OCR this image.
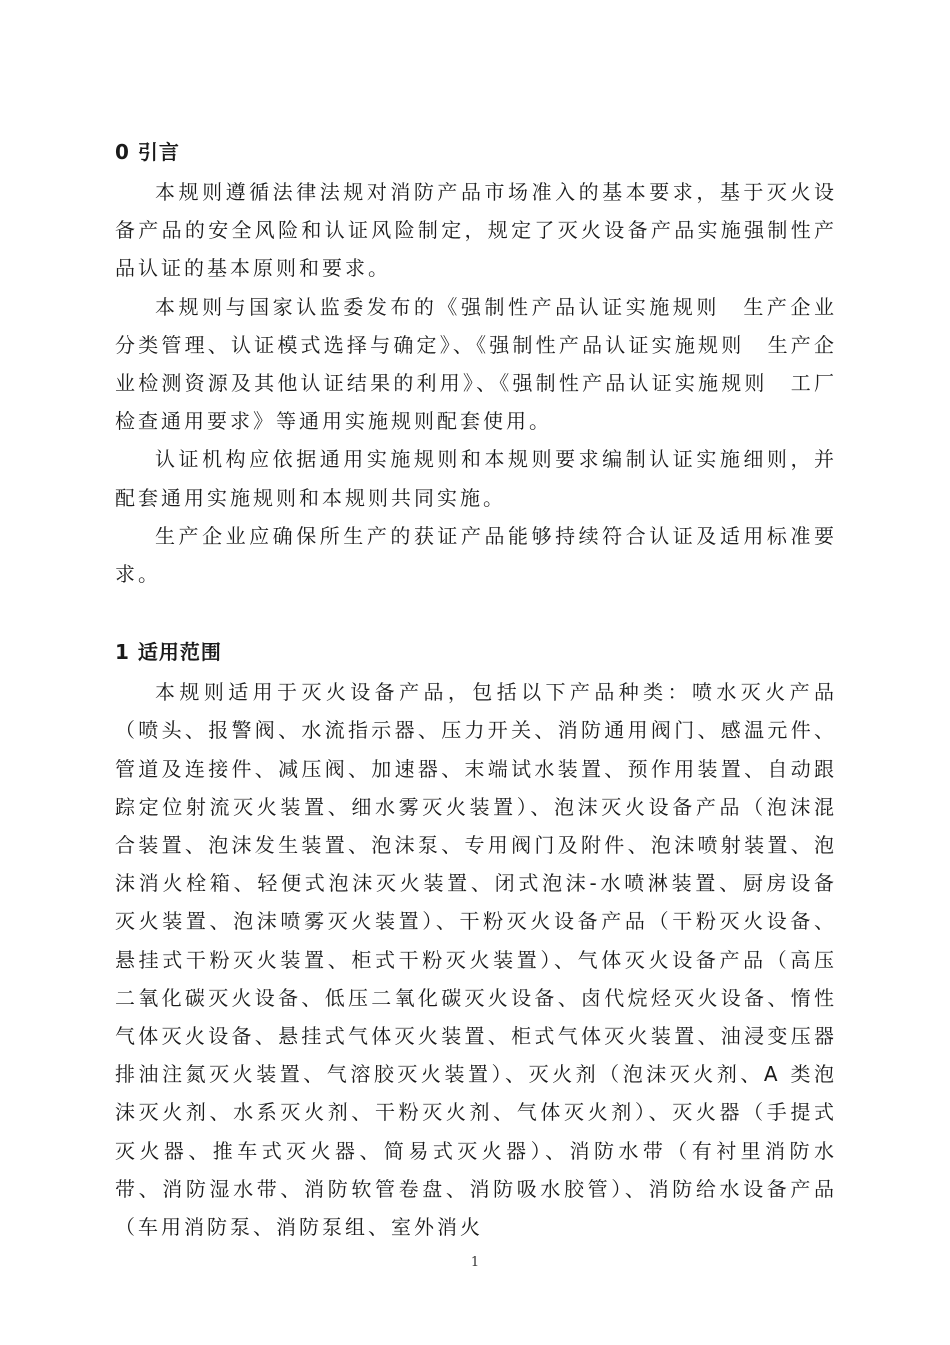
0 引言

本规则遵循法律法规对消防产品市场准入的基本要求，基于灭火设备产品的安全风险和认证风险制定，规定了灭火设备产品实施强制性产品认证的基本原则和要求。

本规则与国家认监委发布的《强制性产品认证实施规则　生产企业分类管理、认证模式选择与确定》、《强制性产品认证实施规则　生产企业检测资源及其他认证结果的利用》、《强制性产品认证实施规则　工厂检查通用要求》等通用实施规则配套使用。

认证机构应依据通用实施规则和本规则要求编制认证实施细则，并配套通用实施规则和本规则共同实施。

生产企业应确保所生产的获证产品能够持续符合认证及适用标准要求。

1 适用范围

本规则适用于灭火设备产品，包括以下产品种类：喷水灭火产品（喷头、报警阀、水流指示器、压力开关、消防通用阀门、感温元件、管道及连接件、减压阀、加速器、末端试水装置、预作用装置、自动跟踪定位射流灭火装置、细水雾灭火装置）、泡沫灭火设备产品（泡沫混合装置、泡沫发生装置、泡沫泵、专用阀门及附件、泡沫喷射装置、泡沫消火栓箱、轻便式泡沫灭火装置、闭式泡沫-水喷淋装置、厨房设备灭火装置、泡沫喷雾灭火装置）、干粉灭火设备产品（干粉灭火设备、悬挂式干粉灭火装置、柜式干粉灭火装置）、气体灭火设备产品（高压二氧化碳灭火设备、低压二氧化碳灭火设备、卤代烷烃灭火设备、惰性气体灭火设备、悬挂式气体灭火装置、柜式气体灭火装置、油浸变压器排油注氮灭火装置、气溶胶灭火装置）、灭火剂（泡沫灭火剂、A 类泡沫灭火剂、水系灭火剂、干粉灭火剂、气体灭火剂）、灭火器（手提式灭火器、推车式灭火器、简易式灭火器）、消防水带（有衬里消防水带、消防湿水带、消防软管卷盘、消防吸水胶管）、消防给水设备产品（车用消防泵、消防泵组、室外消火

1
